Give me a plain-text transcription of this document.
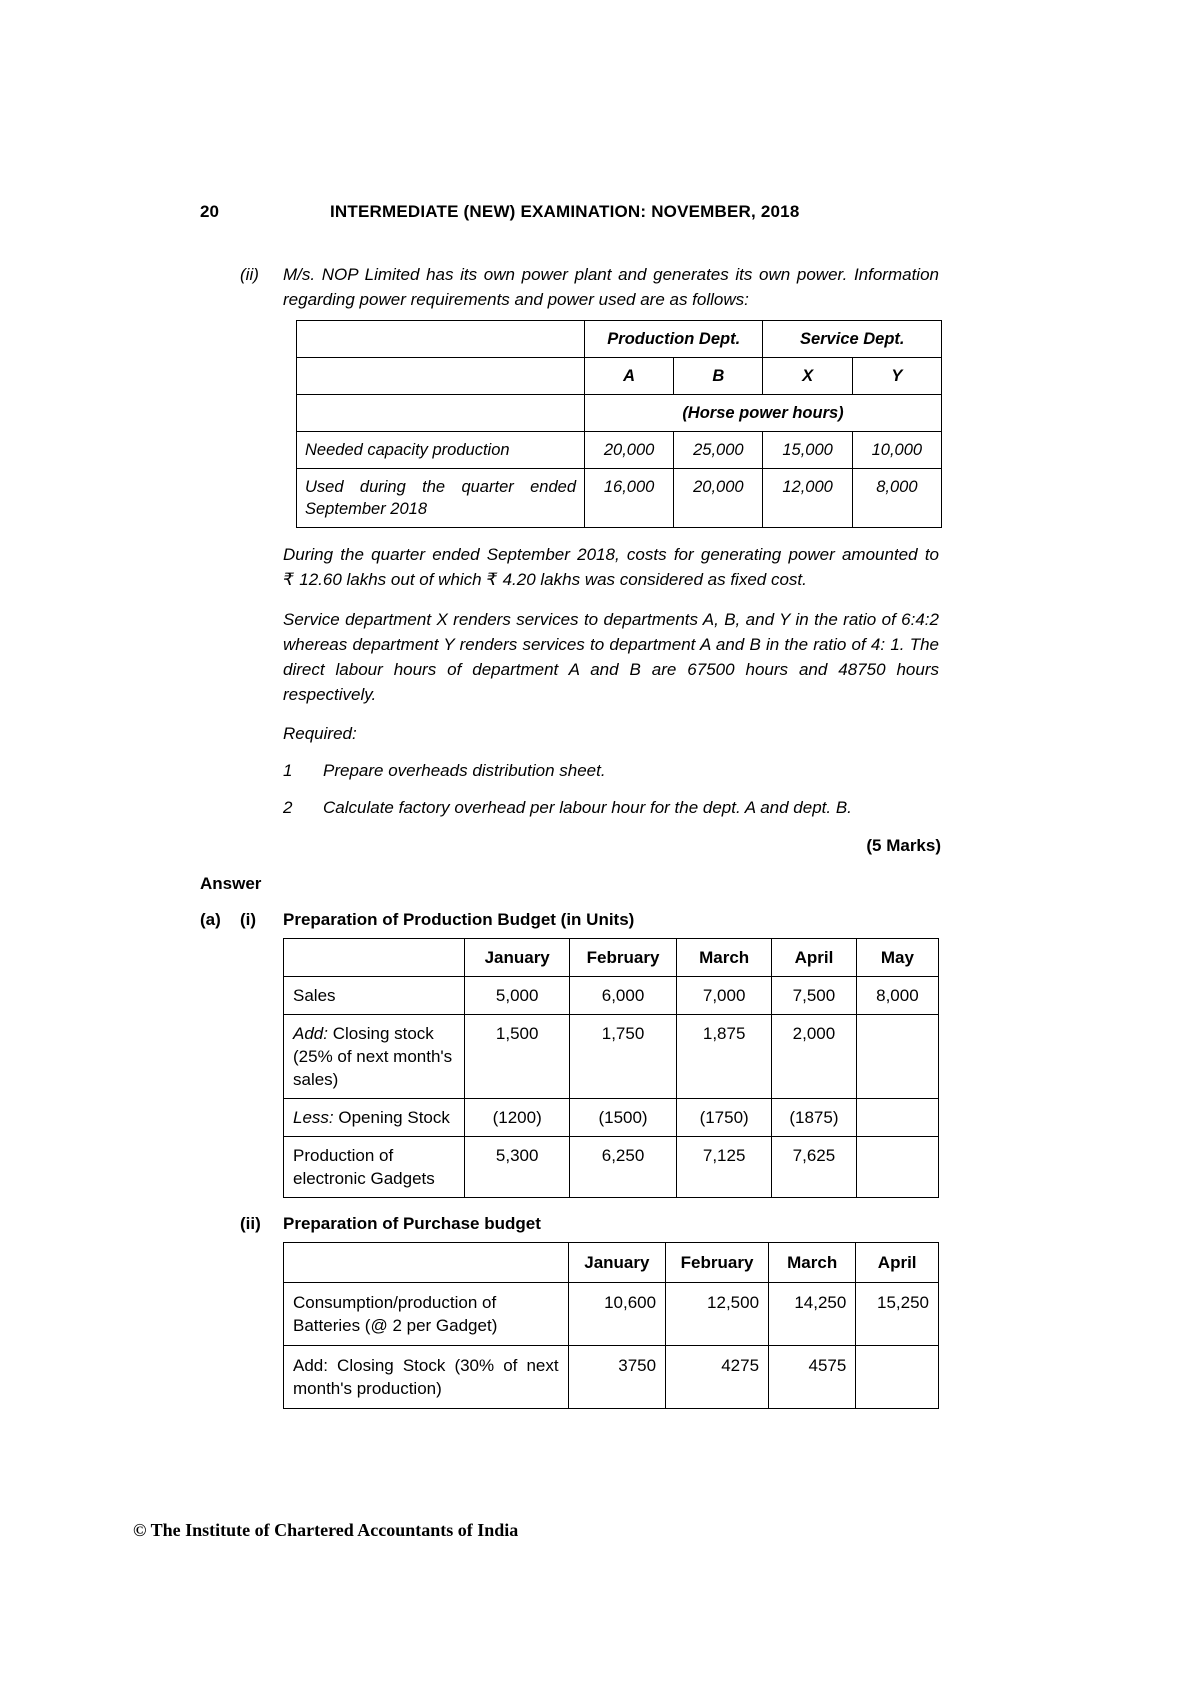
20	INTERMEDIATE (NEW) EXAMINATION: NOVEMBER, 2018
(ii) M/s. NOP Limited has its own power plant and generates its own power. Information regarding power requirements and power used are as follows:
	Production Dept.		Service Dept.	
	A	B	X	Y
	(Horse power hours)			
Needed capacity production	20,000	25,000	15,000	10,000
Used during the quarter ended September 2018	16,000	20,000	12,000	8,000
During the quarter ended September 2018, costs for generating power amounted to ₹ 12.60 lakhs out of which ₹ 4.20 lakhs was considered as fixed cost.
Service department X renders services to departments A, B, and Y in the ratio of 6:4:2 whereas department Y renders services to department A and B in the ratio of 4: 1. The direct labour hours of department A and B are 67500 hours and 48750 hours respectively.
Required:
1 Prepare overheads distribution sheet.
2 Calculate factory overhead per labour hour for the dept. A and dept. B.
(5 Marks)
Answer
(a) (i) Preparation of Production Budget (in Units)
	January	February	March	April	May
Sales	5,000	6,000	7,000	7,500	8,000
Add: Closing stock (25% of next month's sales)	1,500	1,750	1,875	2,000	
Less: Opening Stock	(1200)	(1500)	(1750)	(1875)	
Production of electronic Gadgets	5,300	6,250	7,125	7,625	
(ii) Preparation of Purchase budget
	January	February	March	April
Consumption/production of Batteries (@ 2 per Gadget)	10,600	12,500	14,250	15,250
Add: Closing Stock (30% of next month's production)	3750	4275	4575	
© The Institute of Chartered Accountants of India
